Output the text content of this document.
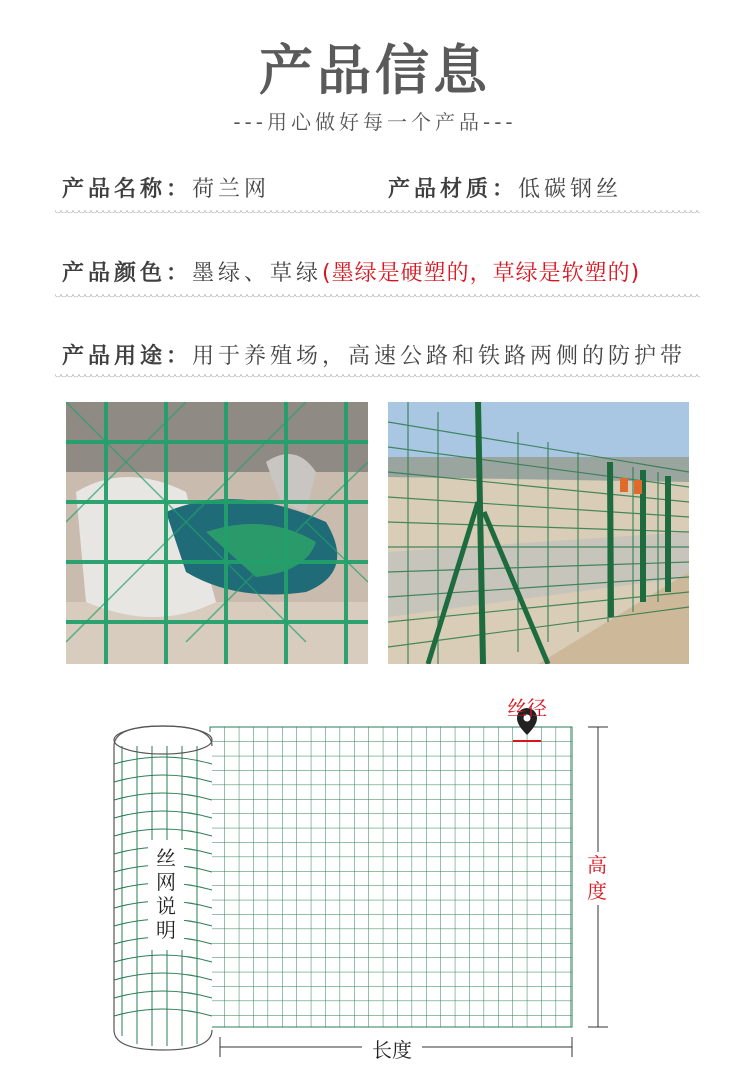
产品信息
---用心做好每一个产品---
产品名称：荷兰网	产品材质：低碳钢丝
产品颜色：墨绿、草绿(墨绿是硬塑的，草绿是软塑的)
产品用途：用于养殖场，高速公路和铁路两侧的防护带
丝径
高度
丝网说明
长度
